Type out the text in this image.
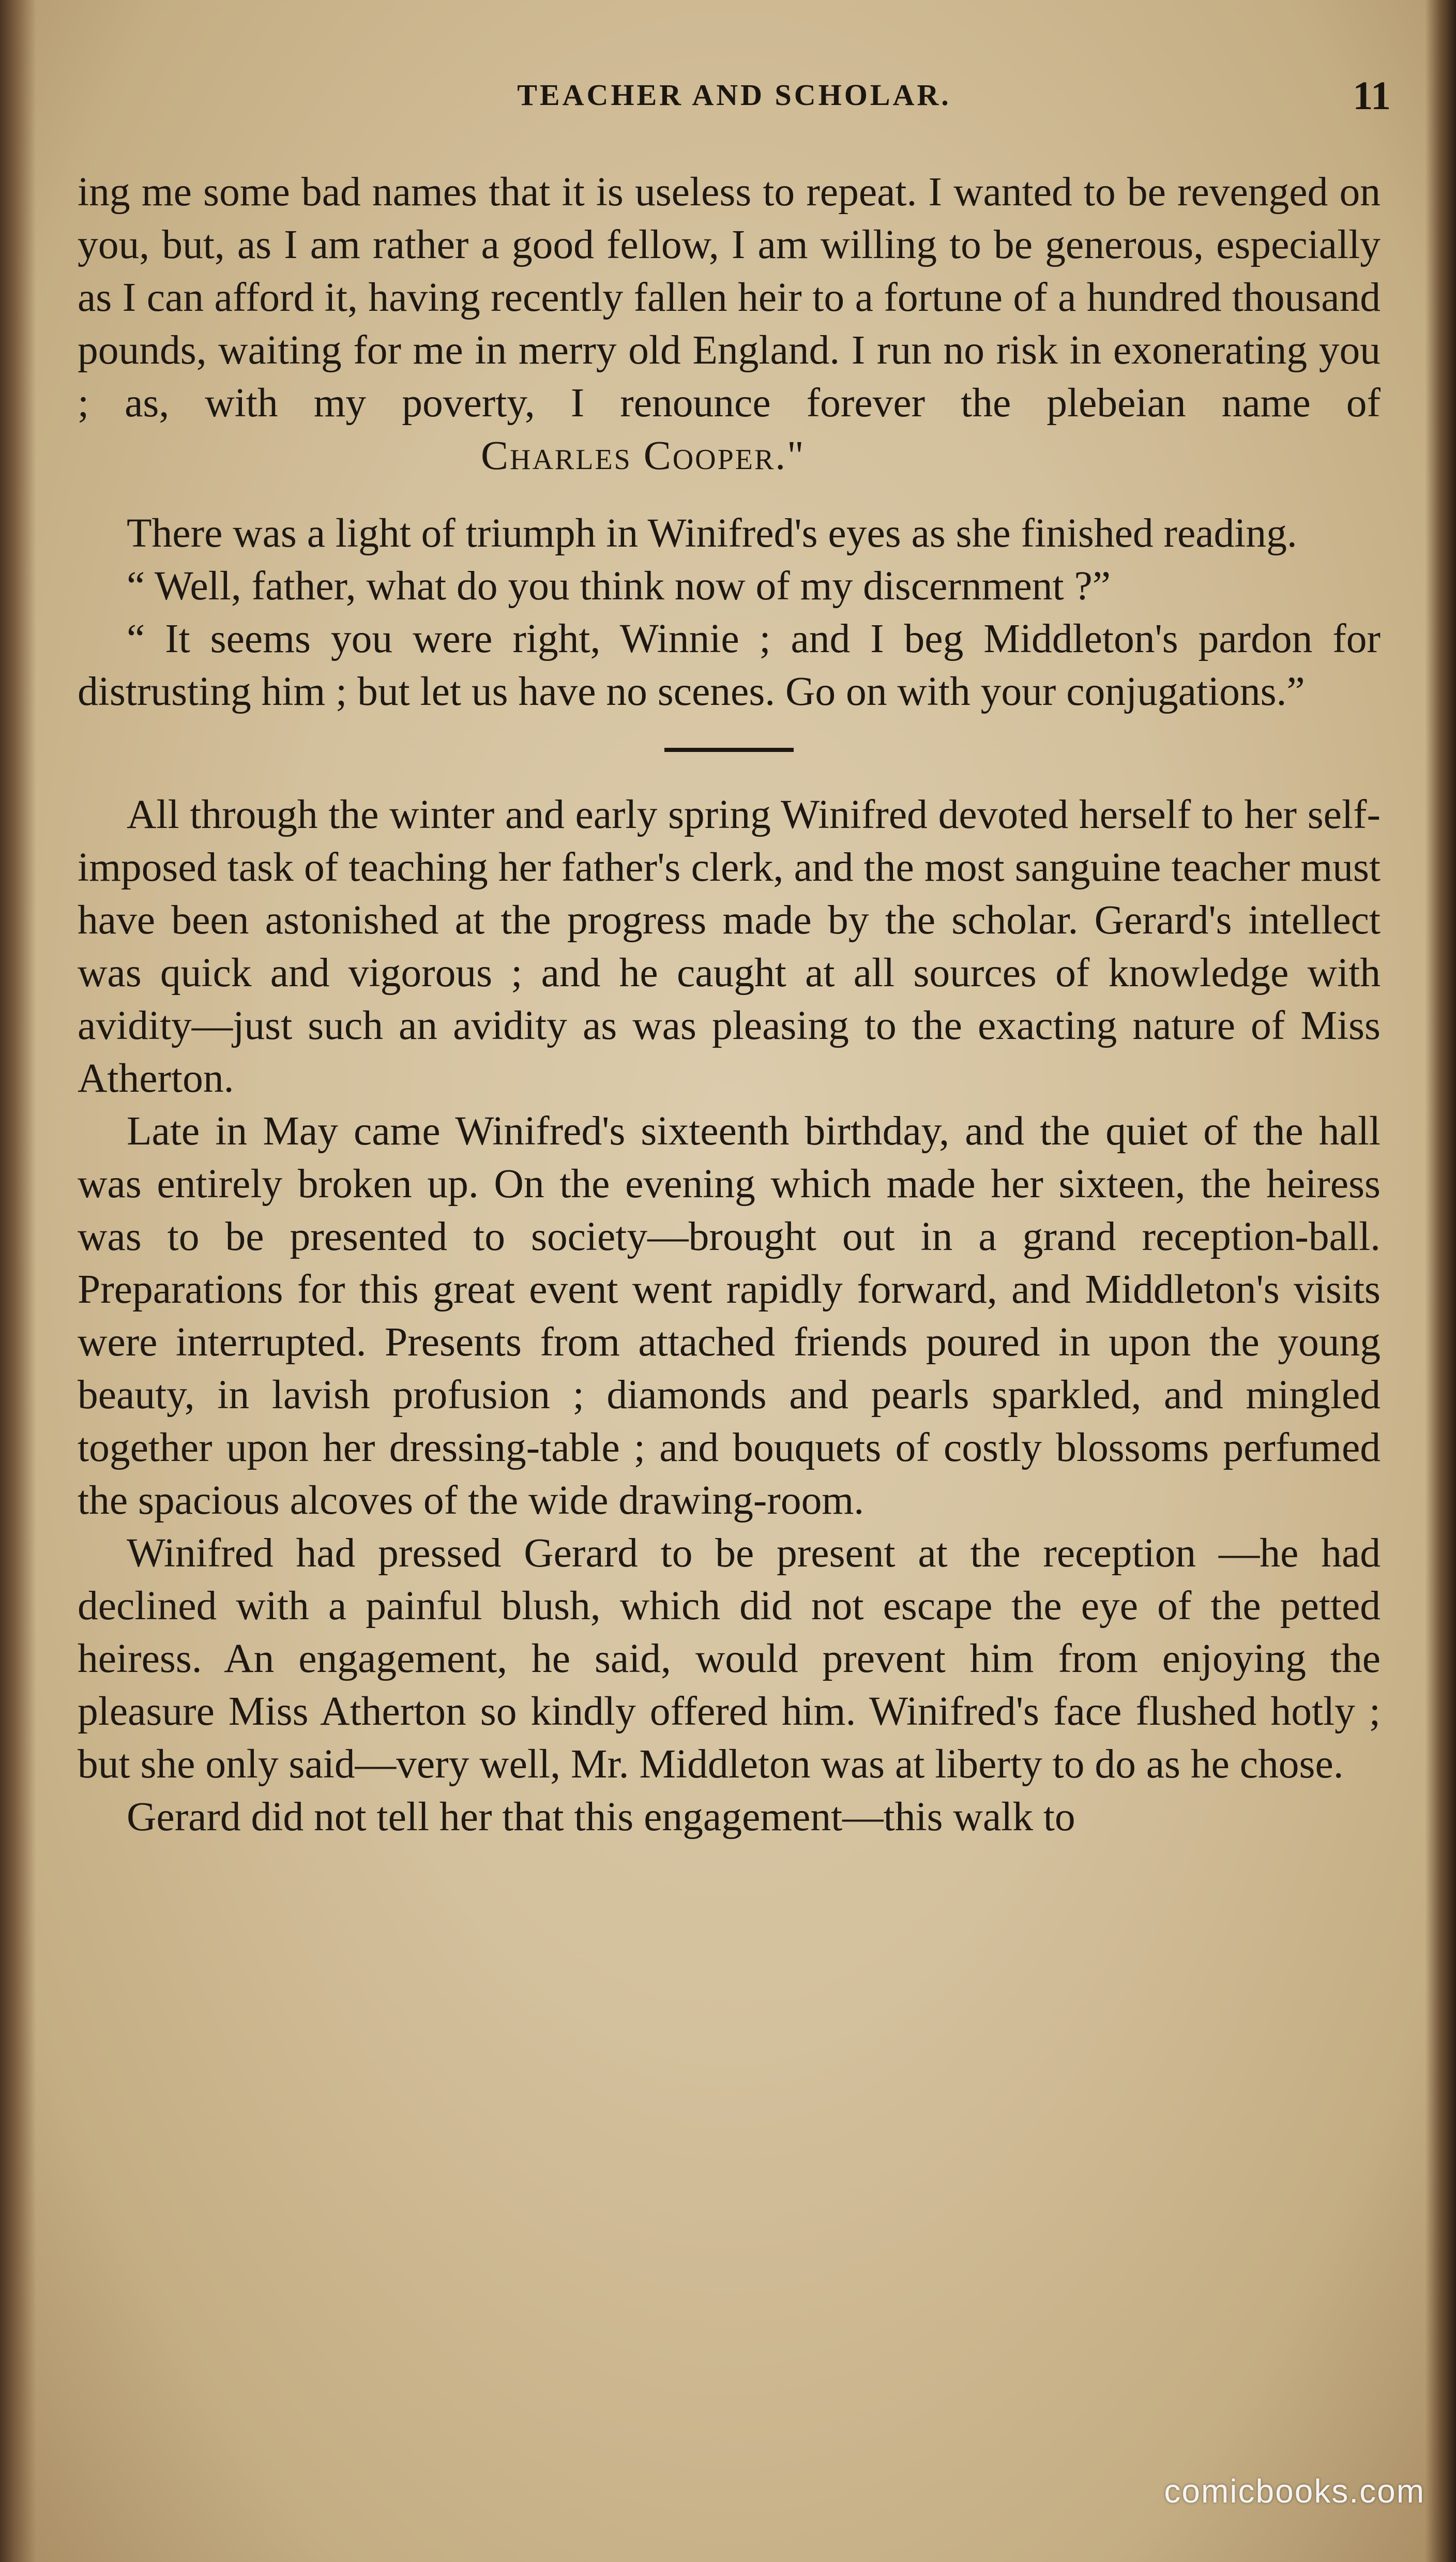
TEACHER AND SCHOLAR.	11

ing me some bad names that it is useless to repeat. I wanted to be revenged on you, but, as I am rather a good fellow, I am willing to be generous, especially as I can afford it, having recently fallen heir to a fortune of a hundred thousand pounds, waiting for me in merry old England. I run no risk in exonerating you ; as, with my poverty, I renounce forever the plebeian name of Charles Cooper."

There was a light of triumph in Winifred's eyes as she finished reading.

“ Well, father, what do you think now of my discernment ?”

“ It seems you were right, Winnie ; and I beg Middleton's pardon for distrusting him ; but let us have no scenes. Go on with your conjugations.”

All through the winter and early spring Winifred devoted herself to her self-imposed task of teaching her father's clerk, and the most sanguine teacher must have been astonished at the progress made by the scholar. Gerard's intellect was quick and vigorous ; and he caught at all sources of knowledge with avidity—just such an avidity as was pleasing to the exacting nature of Miss Atherton.

Late in May came Winifred's sixteenth birthday, and the quiet of the hall was entirely broken up. On the evening which made her sixteen, the heiress was to be presented to society—brought out in a grand reception-ball. Preparations for this great event went rapidly forward, and Middleton's visits were interrupted. Presents from attached friends poured in upon the young beauty, in lavish profusion ; diamonds and pearls sparkled, and mingled together upon her dressing-table ; and bouquets of costly blossoms perfumed the spacious alcoves of the wide drawing-room.

Winifred had pressed Gerard to be present at the reception —he had declined with a painful blush, which did not escape the eye of the petted heiress. An engagement, he said, would prevent him from enjoying the pleasure Miss Atherton so kindly offered him. Winifred's face flushed hotly ; but she only said—very well, Mr. Middleton was at liberty to do as he chose.

Gerard did not tell her that this engagement—this walk to

comicbooks.com
